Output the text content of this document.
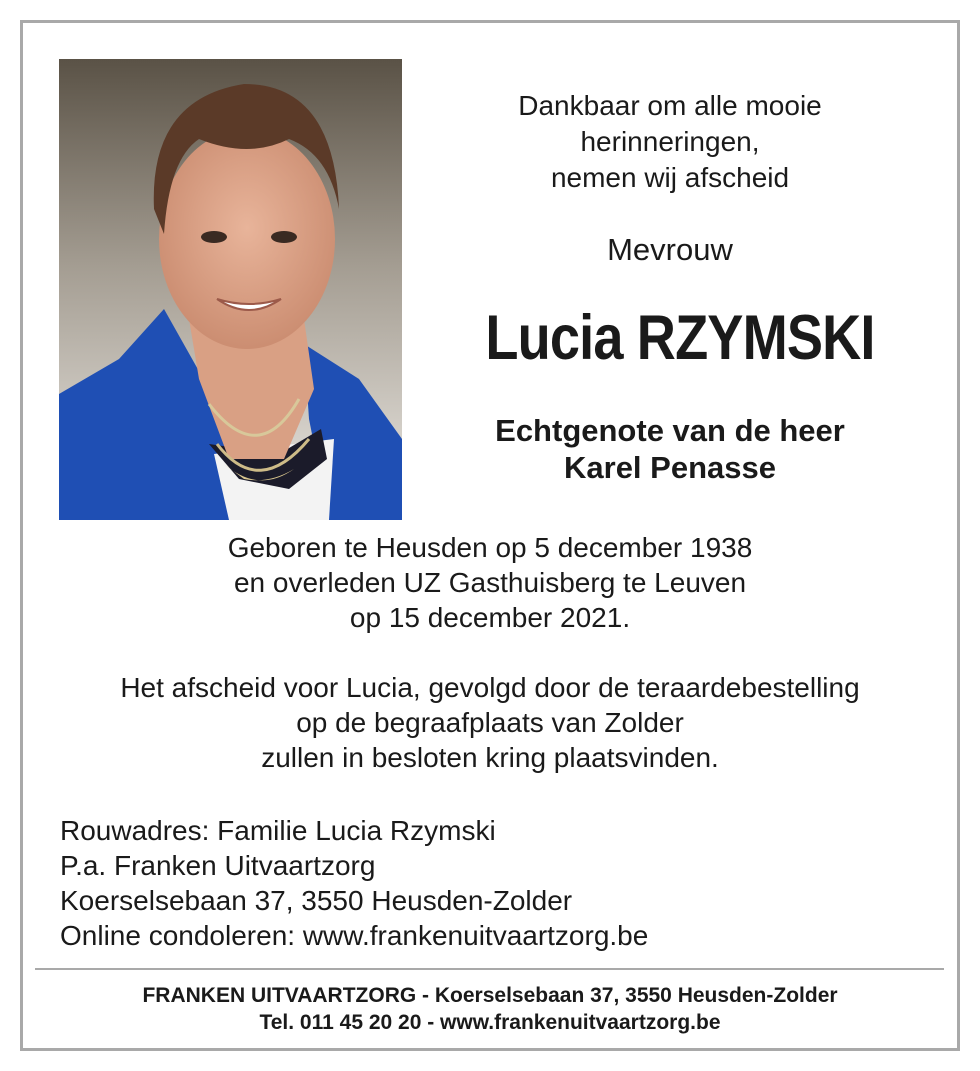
Dankbaar om alle mooie
herinneringen,
nemen wij afscheid
Mevrouw
Lucia RZYMSKI
Echtgenote van de heer
Karel Penasse
Geboren te Heusden op 5 december 1938
en overleden UZ Gasthuisberg te Leuven
op 15 december 2021.
Het afscheid voor Lucia, gevolgd door de teraardebestelling
op de begraafplaats van Zolder
zullen in besloten kring plaatsvinden.
Rouwadres: Familie Lucia Rzymski
P.a. Franken Uitvaartzorg
Koerselsebaan 37, 3550 Heusden-Zolder
Online condoleren: www.frankenuitvaartzorg.be
FRANKEN UITVAARTZORG - Koerselsebaan 37, 3550 Heusden-Zolder
Tel. 011 45 20 20 - www.frankenuitvaartzorg.be
